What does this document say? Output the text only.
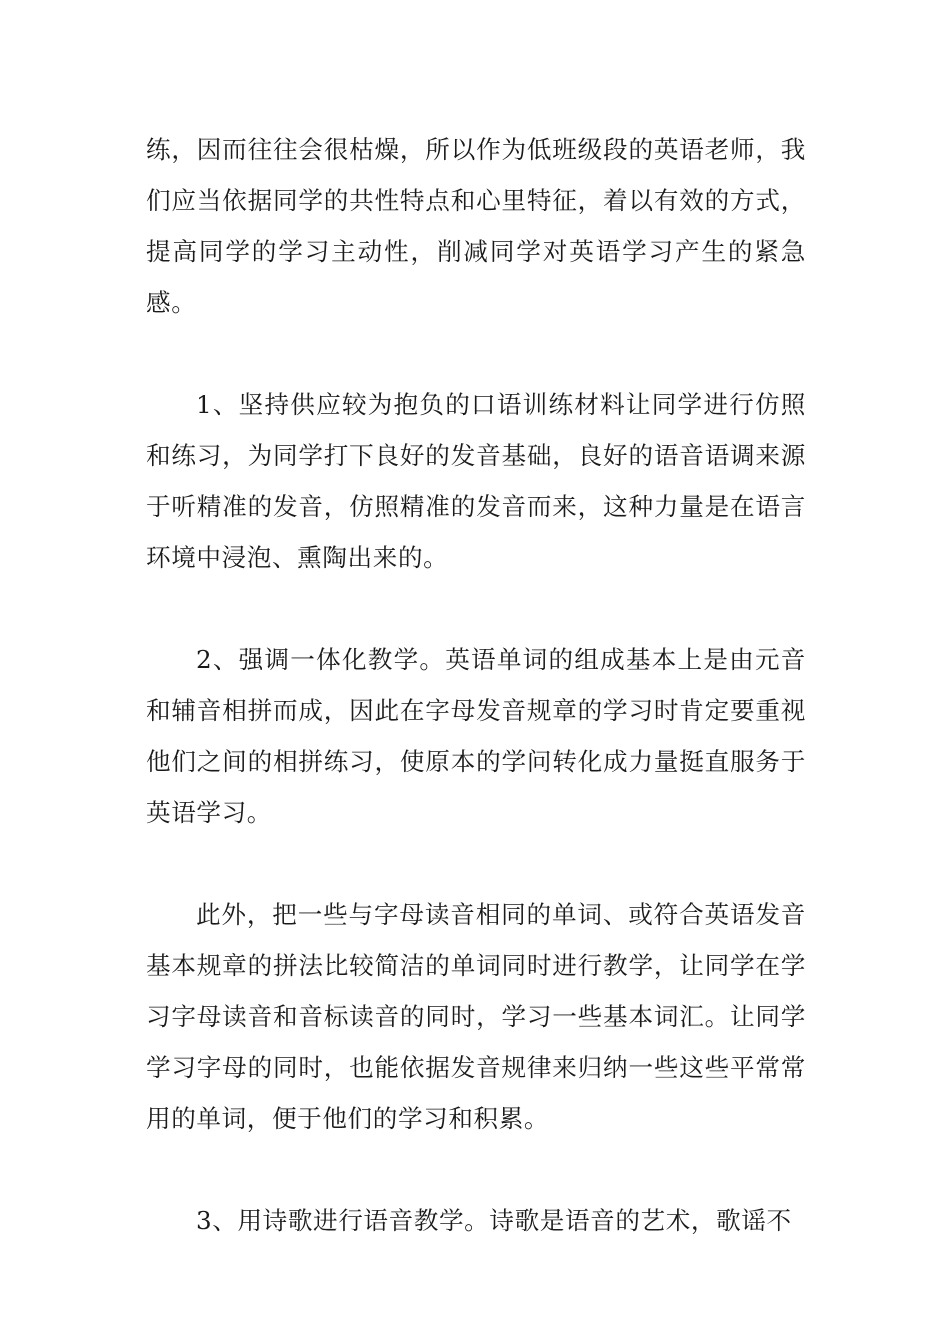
练，因而往往会很枯燥，所以作为低班级段的英语老师，我们应当依据同学的共性特点和心里特征，着以有效的方式，提高同学的学习主动性，削减同学对英语学习产生的紧急感。

1、坚持供应较为抱负的口语训练材料让同学进行仿照和练习，为同学打下良好的发音基础，良好的语音语调来源于听精准的发音，仿照精准的发音而来，这种力量是在语言环境中浸泡、熏陶出来的。

2、强调一体化教学。英语单词的组成基本上是由元音和辅音相拼而成，因此在字母发音规章的学习时肯定要重视他们之间的相拼练习，使原本的学问转化成力量挺直服务于英语学习。

此外，把一些与字母读音相同的单词、或符合英语发音基本规章的拼法比较简洁的单词同时进行教学，让同学在学习字母读音和音标读音的同时，学习一些基本词汇。让同学学习字母的同时，也能依据发音规律来归纳一些这些平常常用的单词，便于他们的学习和积累。

3、用诗歌进行语音教学。诗歌是语音的艺术，歌谣不
